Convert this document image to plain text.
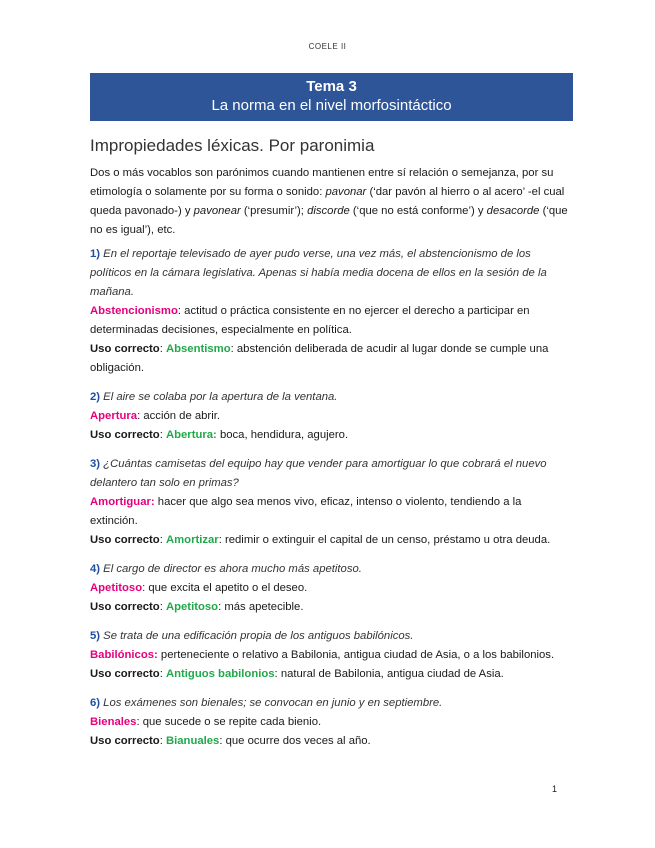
COELE II
Tema 3
La norma en el nivel morfosintáctico
Impropiedades léxicas. Por paronimia

Dos o más vocablos son parónimos cuando mantienen entre sí relación o semejanza, por su etimología o solamente por su forma o sonido: pavonar (‘dar pavón al hierro o al acero’ -el cual queda pavonado-) y pavonear (‘presumir’); discorde (‘que no está conforme’) y desacorde (‘que no es igual’), etc.

1) En el reportaje televisado de ayer pudo verse, una vez más, el abstencionismo de los políticos en la cámara legislativa. Apenas si había media docena de ellos en la sesión de la mañana.

Abstencionismo: actitud o práctica consistente en no ejercer el derecho a participar en determinadas decisiones, especialmente en política.

Uso correcto: Absentismo: abstención deliberada de acudir al lugar donde se cumple una obligación.

2) El aire se colaba por la apertura de la ventana.

Apertura: acción de abrir.

Uso correcto: Abertura: boca, hendidura, agujero.

3) ¿Cuántas camisetas del equipo hay que vender para amortiguar lo que cobrará el nuevo delantero tan solo en primas?

Amortiguar: hacer que algo sea menos vivo, eficaz, intenso o violento, tendiendo a la extinción.

Uso correcto: Amortizar: redimir o extinguir el capital de un censo, préstamo u otra deuda.

4) El cargo de director es ahora mucho más apetitoso.

Apetitoso: que excita el apetito o el deseo.

Uso correcto: Apetitoso: más apetecible.

5) Se trata de una edificación propia de los antiguos babilónicos.

Babilónicos: perteneciente o relativo a Babilonia, antigua ciudad de Asia, o a los babilonios.

Uso correcto: Antiguos babilonios: natural de Babilonia, antigua ciudad de Asia.

6) Los exámenes son bienales; se convocan en junio y en septiembre.

Bienales: que sucede o se repite cada bienio.

Uso correcto: Bianuales: que ocurre dos veces al año.

1
